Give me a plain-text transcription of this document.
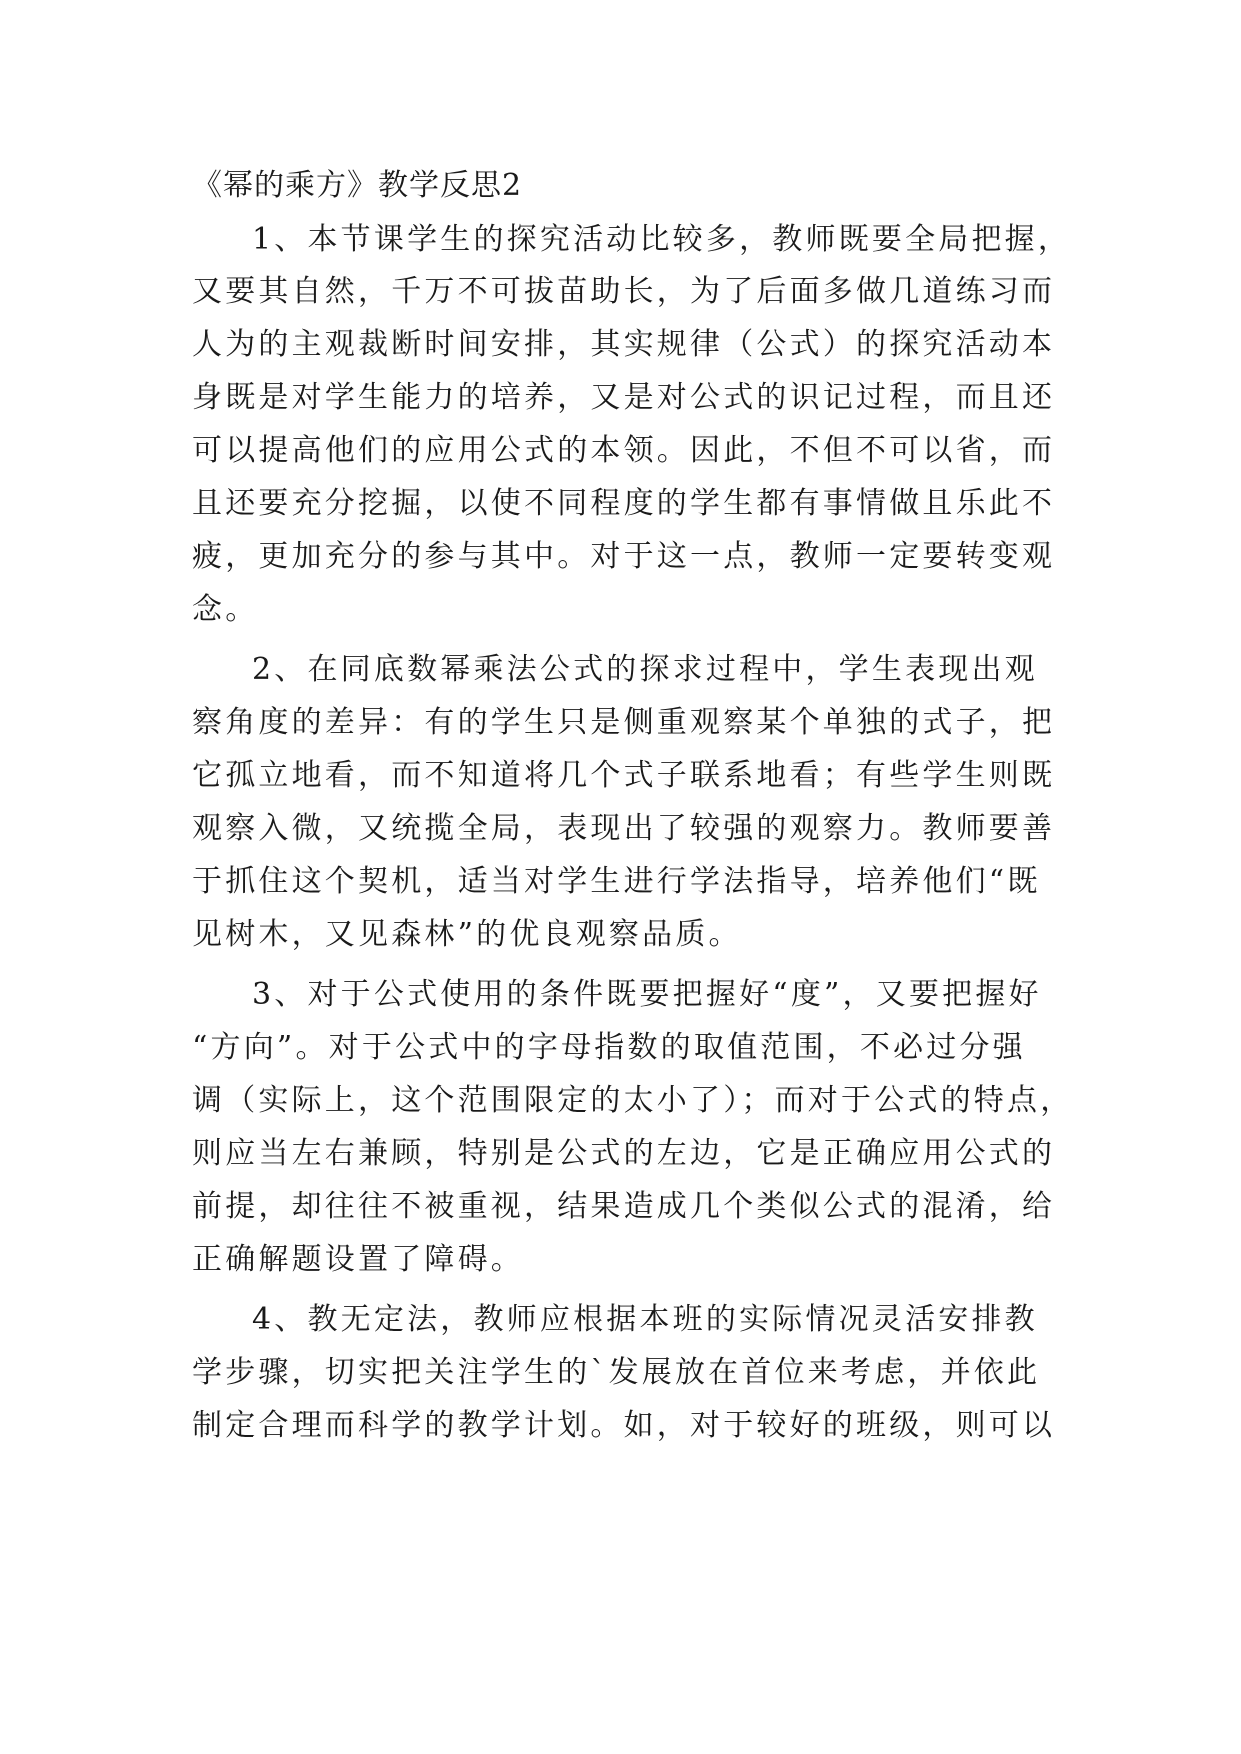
《幂的乘方》教学反思2
1、本节课学生的探究活动比较多，教师既要全局把握，
又要其自然，千万不可拔苗助长，为了后面多做几道练习而
人为的主观裁断时间安排，其实规律（公式）的探究活动本
身既是对学生能力的培养，又是对公式的识记过程，而且还
可以提高他们的应用公式的本领。因此，不但不可以省，而
且还要充分挖掘，以使不同程度的学生都有事情做且乐此不
疲，更加充分的参与其中。对于这一点，教师一定要转变观
念。
2、在同底数幂乘法公式的探求过程中，学生表现出观
察角度的差异：有的学生只是侧重观察某个单独的式子，把
它孤立地看，而不知道将几个式子联系地看；有些学生则既
观察入微，又统揽全局，表现出了较强的观察力。教师要善
于抓住这个契机，适当对学生进行学法指导，培养他们“既
见树木，又见森林”的优良观察品质。
3、对于公式使用的条件既要把握好“度”，又要把握好
“方向”。对于公式中的字母指数的取值范围，不必过分强
调（实际上，这个范围限定的太小了）；而对于公式的特点，
则应当左右兼顾，特别是公式的左边，它是正确应用公式的
前提，却往往不被重视，结果造成几个类似公式的混淆，给
正确解题设置了障碍。
4、教无定法，教师应根据本班的实际情况灵活安排教
学步骤，切实把关注学生的`发展放在首位来考虑，并依此
制定合理而科学的教学计划。如，对于较好的班级，则可以
